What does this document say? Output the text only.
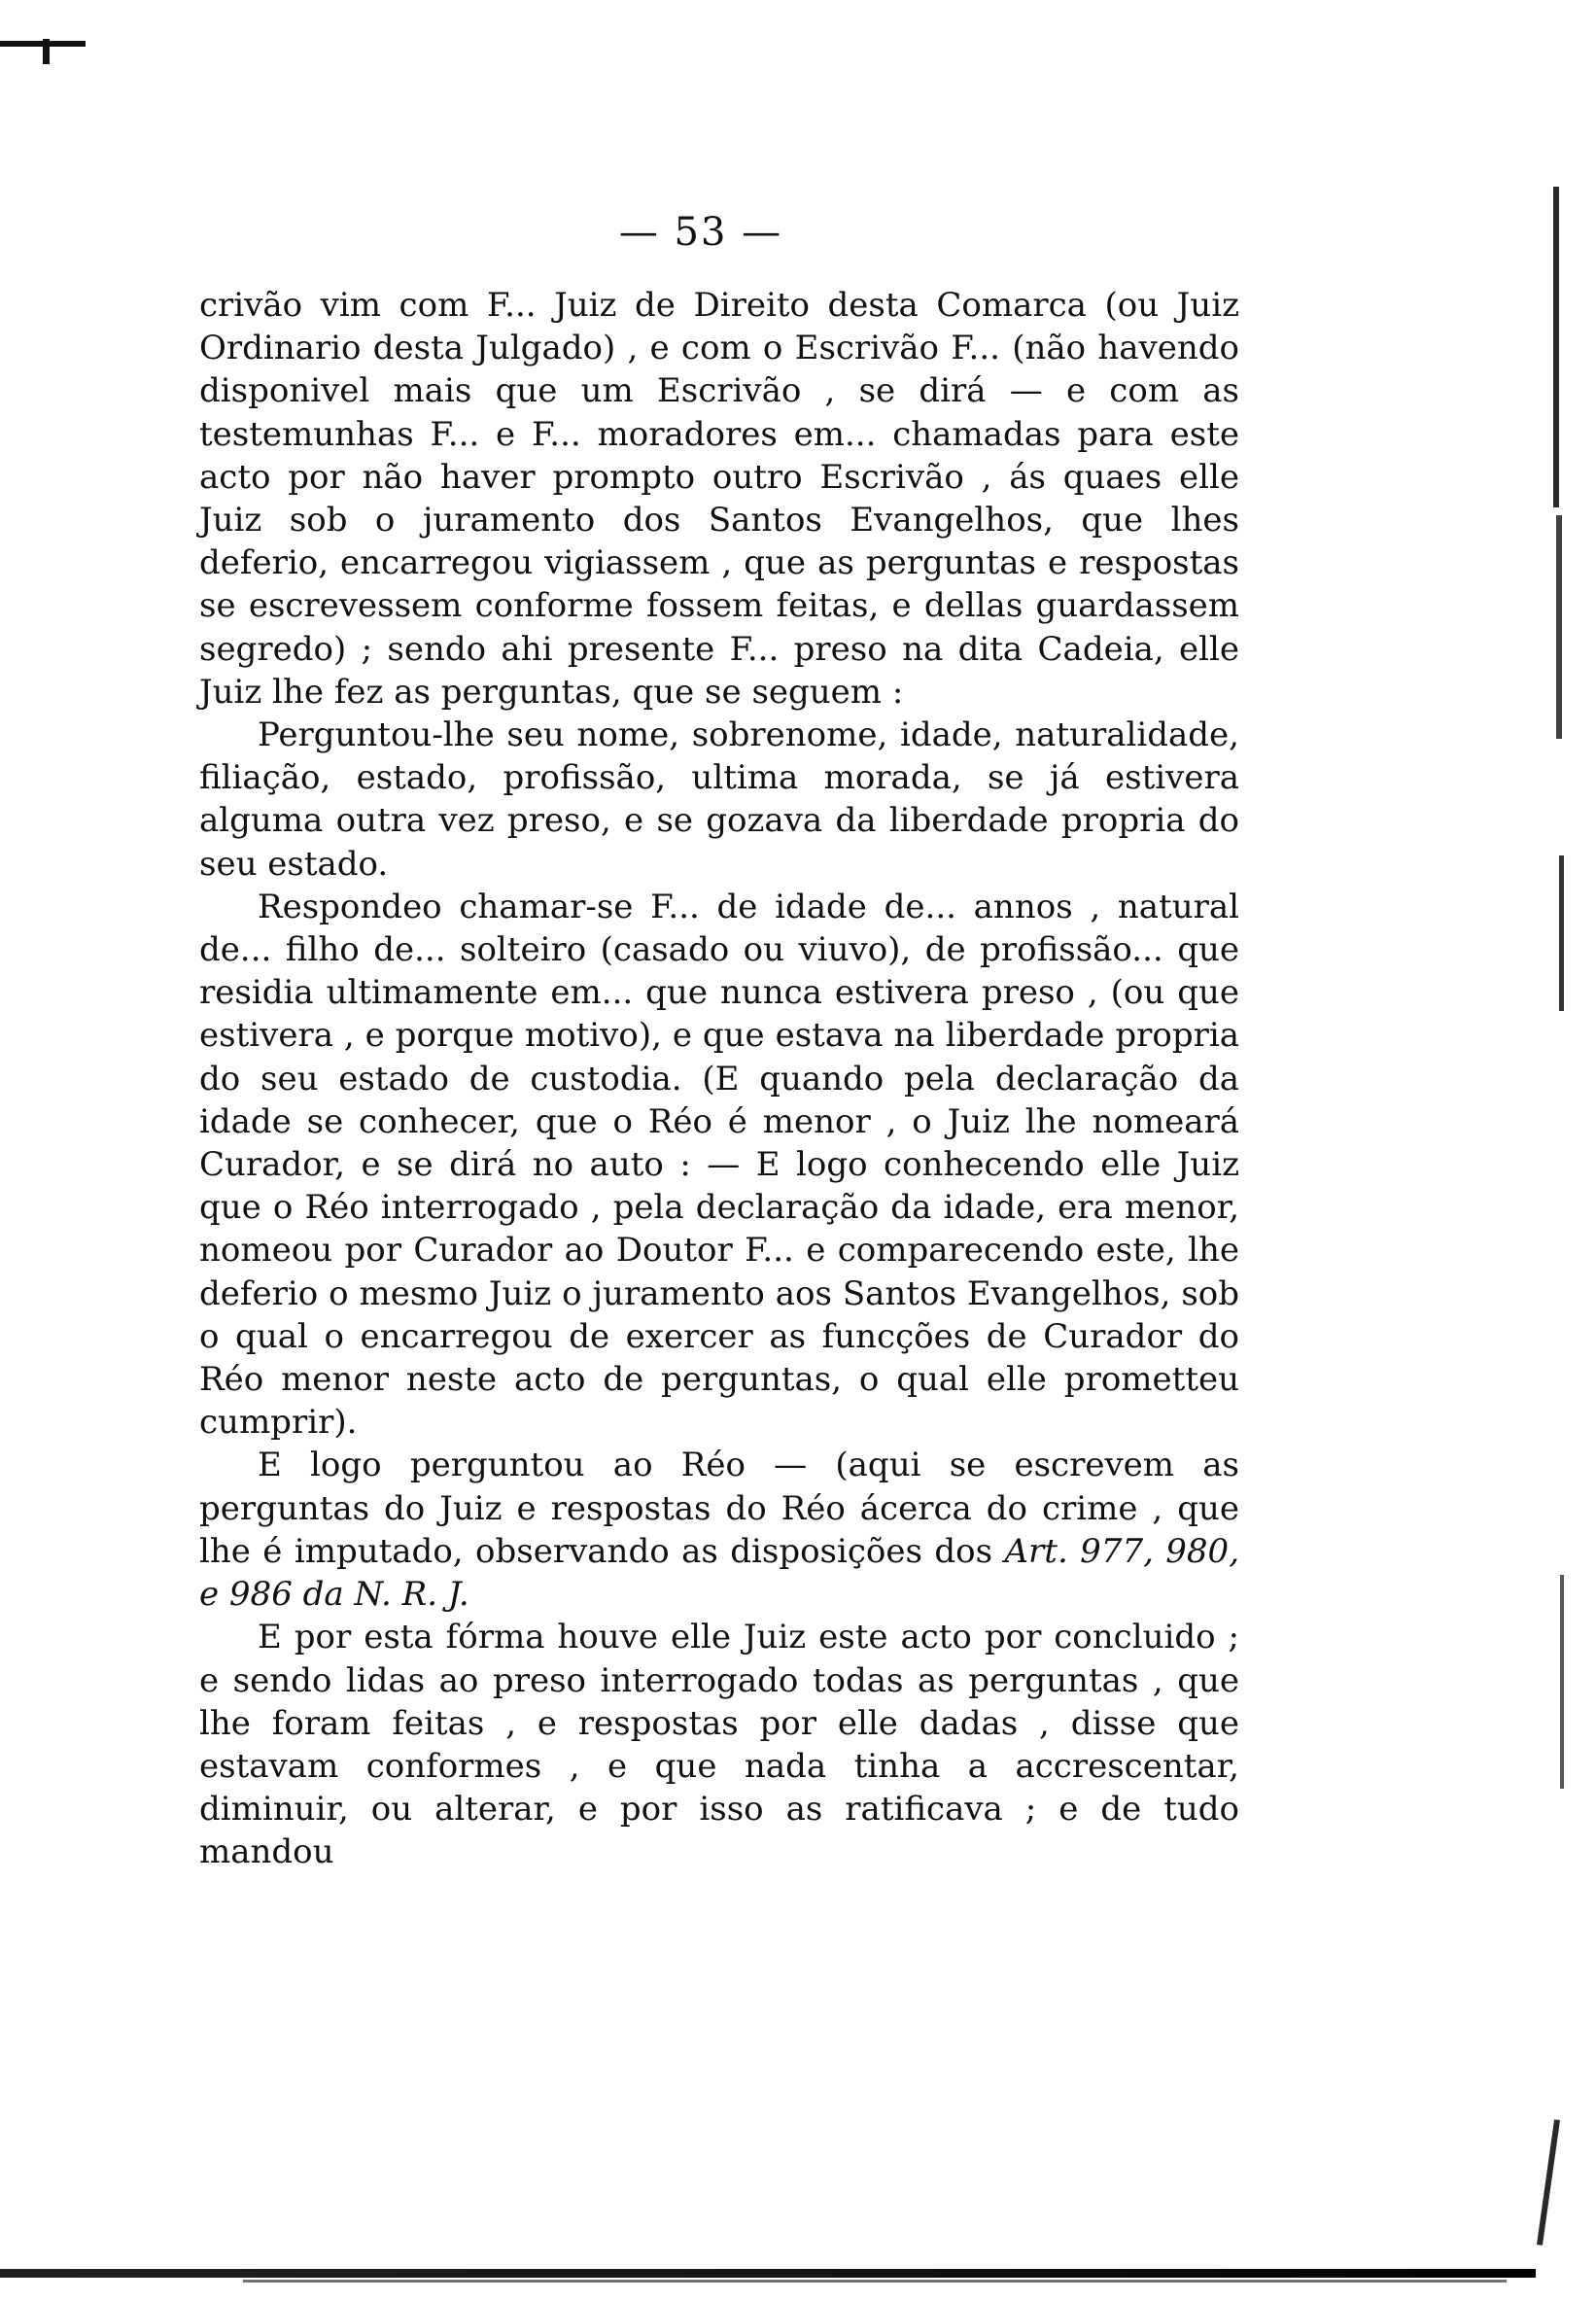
— 53 —

crivão vim com F... Juiz de Direito desta Comarca (ou Juiz Ordinario desta Julgado) , e com o Escrivão F... (não havendo disponivel mais que um Escrivão , se dirá — e com as testemunhas F... e F... moradores em... chamadas para este acto por não haver prompto outro Escrivão , ás quaes elle Juiz sob o juramento dos Santos Evangelhos, que lhes deferio, encarregou vigiassem , que as perguntas e respostas se escrevessem conforme fossem feitas, e dellas guardassem segredo) ; sendo ahi presente F... preso na dita Cadeia, elle Juiz lhe fez as perguntas, que se seguem :

Perguntou-lhe seu nome, sobrenome, idade, naturalidade, filiação, estado, profissão, ultima morada, se já estivera alguma outra vez preso, e se gozava da liberdade propria do seu estado.

Respondeo chamar-se F... de idade de... annos , natural de... filho de... solteiro (casado ou viuvo), de profissão... que residia ultimamente em... que nunca estivera preso , (ou que estivera , e porque motivo), e que estava na liberdade propria do seu estado de custodia. (E quando pela declaração da idade se conhecer, que o Réo é menor , o Juiz lhe nomeará Curador, e se dirá no auto : — E logo conhecendo elle Juiz que o Réo interrogado , pela declaração da idade, era menor, nomeou por Curador ao Doutor F... e comparecendo este, lhe deferio o mesmo Juiz o juramento aos Santos Evangelhos, sob o qual o encarregou de exercer as funcções de Curador do Réo menor neste acto de perguntas, o qual elle prometteu cumprir).

E logo perguntou ao Réo — (aqui se escrevem as perguntas do Juiz e respostas do Réo ácerca do crime , que lhe é imputado, observando as disposições dos Art. 977, 980, e 986 da N. R. J.

E por esta fórma houve elle Juiz este acto por concluido ; e sendo lidas ao preso interrogado todas as perguntas , que lhe foram feitas , e respostas por elle dadas , disse que estavam conformes , e que nada tinha a accrescentar, diminuir, ou alterar, e por isso as ratificava ; e de tudo mandou
